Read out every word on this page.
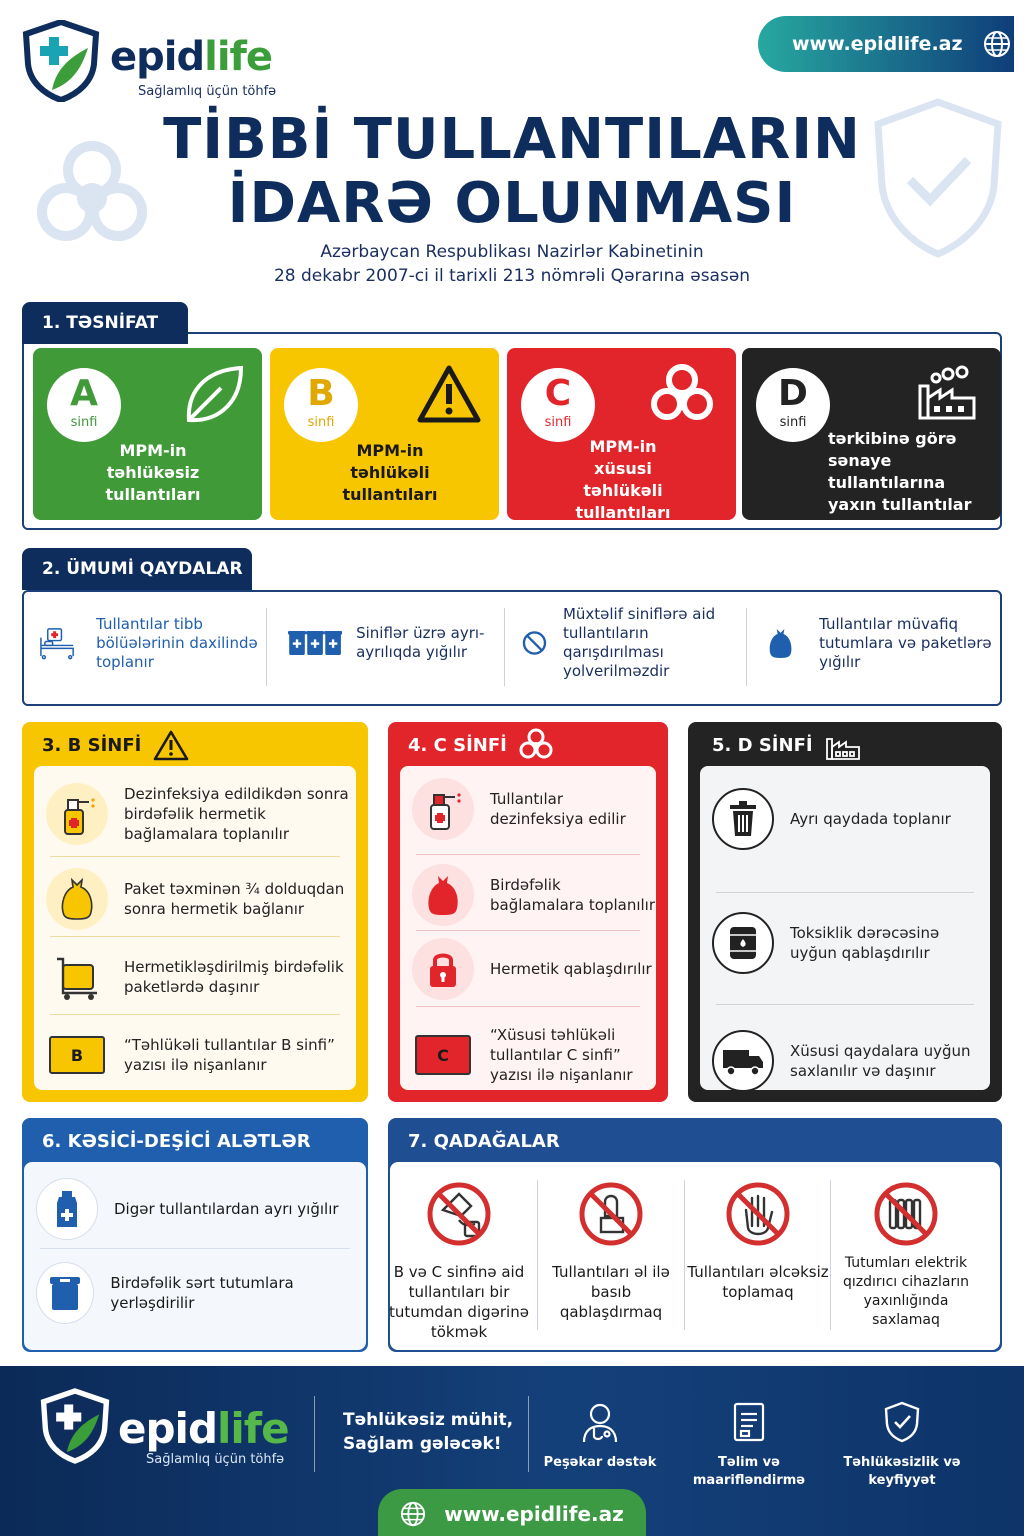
epidlife
Sağlamlıq üçün töhfə
www.epidlife.az
TİBBİ TULLANTILARIN
İDARƏ OLUNMASI
Azərbaycan Respublikası Nazirlər Kabinetinin
28 dekabr 2007-ci il tarixli 213 nömrəli Qərarına əsasən
1. TƏSNİFAT
A
sinfi
MPM-in təhlükəsiz tullantıları
B
sinfi
MPM-in təhlükəli tullantıları
C
sinfi
MPM-in xüsusi təhlükəli tullantıları
D
sinfi
tərkibinə görə sənaye tullantılarına yaxın tullantılar
2. ÜMUMİ QAYDALAR
Tullantılar tibb bölüələrinin daxilində toplanır
Siniflər üzrə ayrı-ayrılıqda yığılır
Müxtəlif siniflərə aid tullantıların qarışdırılması yolverilməzdir
Tullantılar müvafiq tutumlara və paketlərə yığılır
3. B SİNFİ
Dezinfeksiya edildikdən sonra birdəfəlik hermetik bağlamalara toplanılır
Paket təxminən ¾ dolduqdan sonra hermetik bağlanır
Hermetikləşdirilmiş birdəfəlik paketlərdə daşınır
B
“Təhlükəli tullantılar B sinfi” yazısı ilə nişanlanır
4. C SİNFİ
Tullantılar dezinfeksiya edilir
Birdəfəlik bağlamalara toplanılır
Hermetik qablaşdırılır
C
“Xüsusi təhlükəli tullantılar C sinfi” yazısı ilə nişanlanır
5. D SİNFİ
Ayrı qaydada toplanır
Toksiklik dərəcəsinə uyğun qablaşdırılır
Xüsusi qaydalara uyğun saxlanılır və daşınır
6. KƏSİCİ-DEŞİCİ ALƏTLƏR
Digər tullantılardan ayrı yığılır
Birdəfəlik sərt tutumlara yerləşdirilir
7. QADAĞALAR
B və C sinfinə aid tullantıları bir tutumdan digərinə tökmək
Tullantıları əl ilə basıb qablaşdırmaq
Tullantıları əlcəksiz toplamaq
Tutumları elektrik qızdırıcı cihazların yaxınlığında saxlamaq
epidlife
Sağlamlıq üçün töhfə
Təhlükəsiz mühit,
Sağlam gələcək!
Peşəkar dəstək	Təlim və maarifləndirmə
Təhlükəsizlik və keyfiyyət
www.epidlife.az
